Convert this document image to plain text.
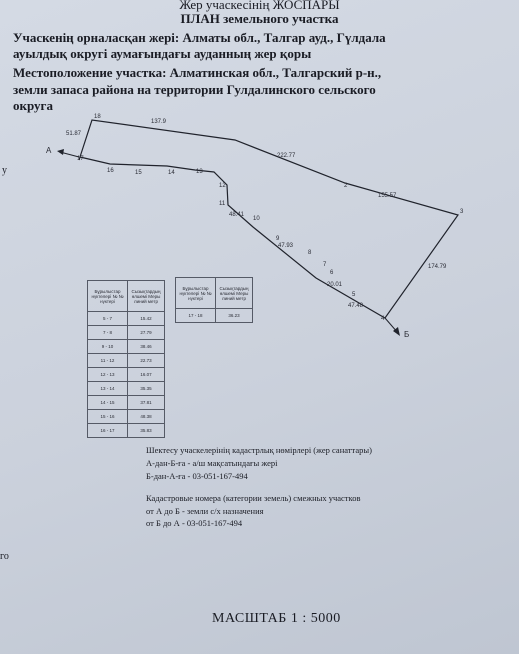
Жер учаскесінің ЖОСПАРЫ
ПЛАН земельного участка
Учаскенің орналасқан жері: Алматы обл., Талгар ауд., Гүлдала
ауылдық округі аумағындағы ауданның жер қоры
Местоположение участка: Алматинская обл., Талгарский р-н.,
земли запаса района на территории Гулдалинского сельского
округа
у
го
A
Б
2
3
4
5
6
7
8
9
10
11
12
13
14
15
16
17
18
137.9
222.77
155.57
174.79
47.48
20.01
47.93
48.41
51.87
Бұрылыстар нүктелері № № нүктері	Сызықтардың өлшемі Меры линий метр
5 - 7	15.42
7 - 8	27.79
9 - 10	38.46
11 - 12	22.73
12 - 13	16.07
13 - 14	35.35
14 - 15	37.81
15 - 16	48.38
16 - 17	35.83
Бұрылыстар нүктелері № № нүктері	Сызықтардың өлшемі Меры линий метр
17 - 18	36.23
Шектесу учаскелерінің кадастрлық нөмірлері (жер санаттары)
А-дан-Б-ға - а/ш мақсатындағы жері
Б-дан-А-ға - 03-051-167-494
Кадастровые номера (категории земель) смежных участков
от А до Б - земли с/х назначения
от Б до А - 03-051-167-494
МАСШТАБ 1 : 5000
